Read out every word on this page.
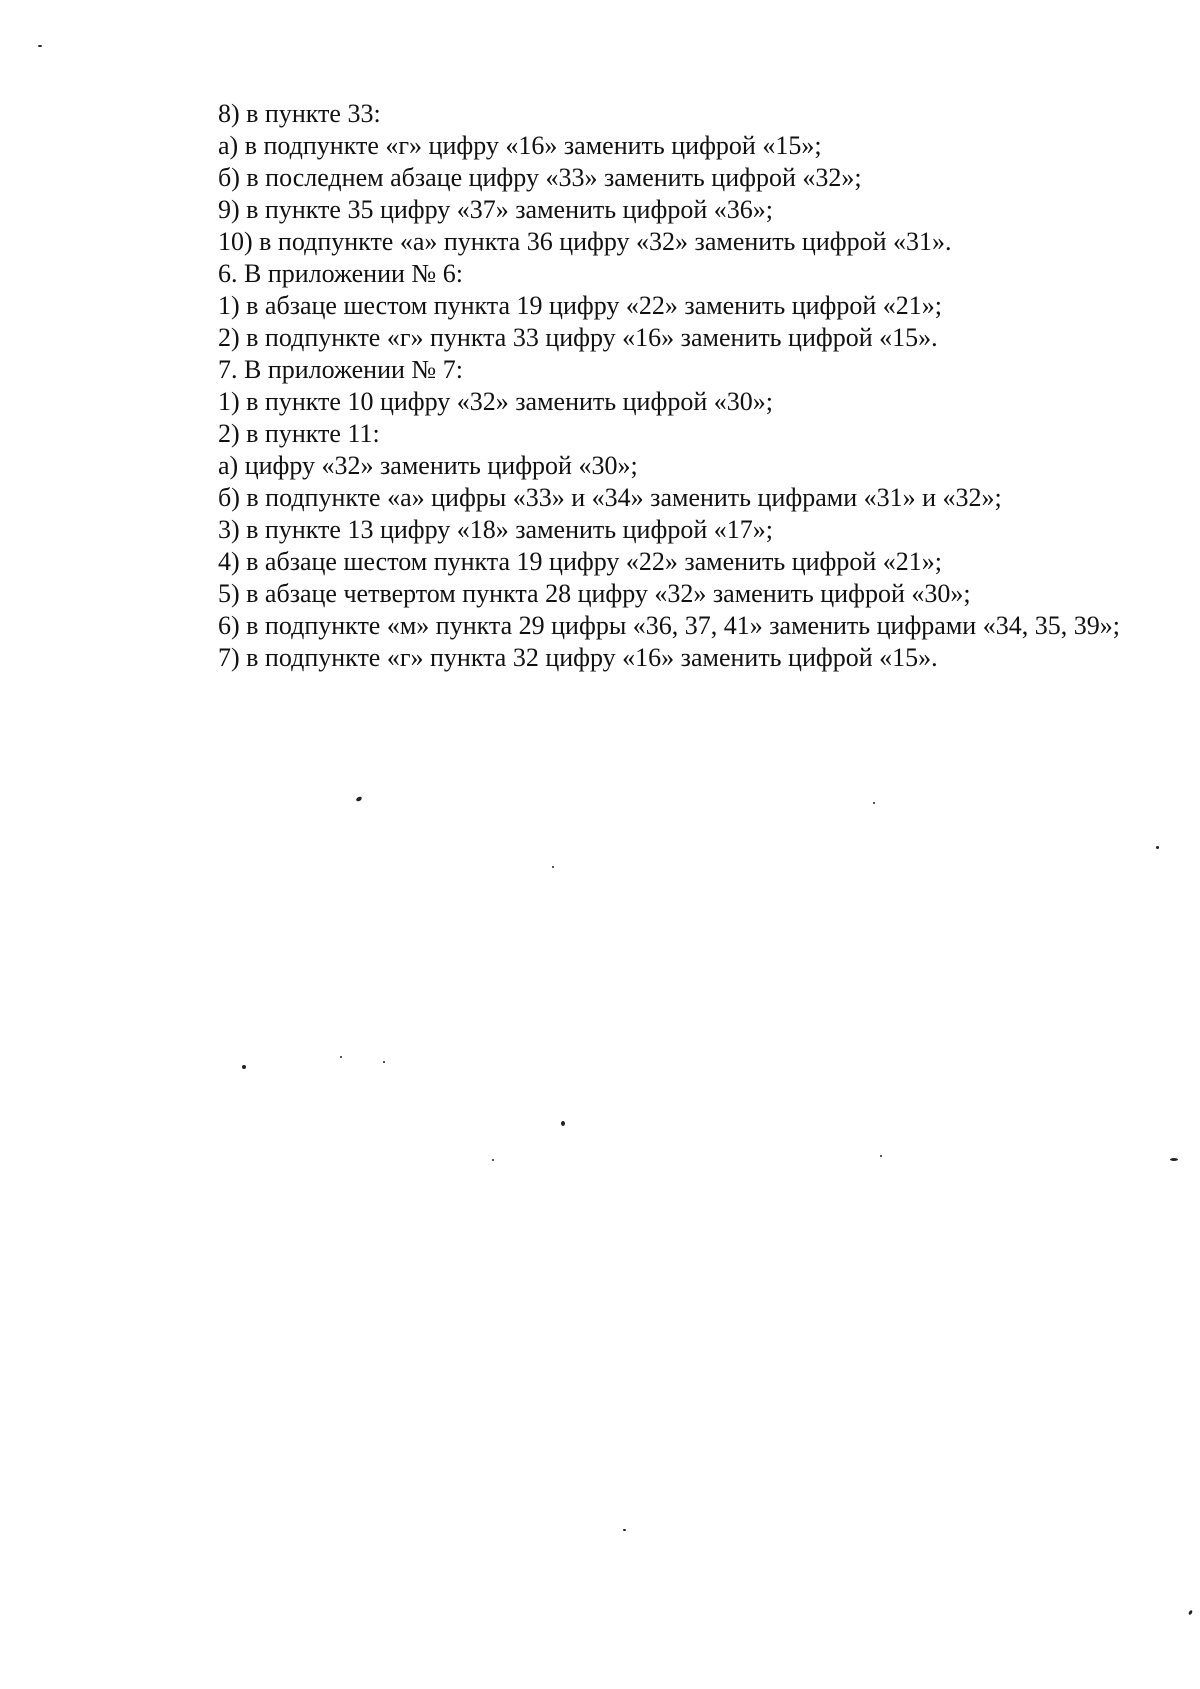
8) в пункте 33:

а) в подпункте «г» цифру «16» заменить цифрой «15»;

б) в последнем абзаце цифру «33» заменить цифрой «32»;

9) в пункте 35 цифру «37» заменить цифрой «36»;

10) в подпункте «а» пункта 36 цифру «32» заменить цифрой «31».

6. В приложении № 6:

1) в абзаце шестом пункта 19 цифру «22» заменить цифрой «21»;

2) в подпункте «г» пункта 33 цифру «16» заменить цифрой «15».

7. В приложении № 7:

1) в пункте 10 цифру «32» заменить цифрой «30»;

2) в пункте 11:

а) цифру «32» заменить цифрой «30»;

б) в подпункте «а» цифры «33» и «34» заменить цифрами «31» и «32»;

3) в пункте 13 цифру «18» заменить цифрой «17»;

4) в абзаце шестом пункта 19 цифру «22» заменить цифрой «21»;

5) в абзаце четвертом пункта 28 цифру «32» заменить цифрой «30»;

6) в подпункте «м» пункта 29 цифры «36, 37, 41» заменить цифрами «34, 35, 39»;

7) в подпункте «г» пункта 32 цифру «16» заменить цифрой «15».
